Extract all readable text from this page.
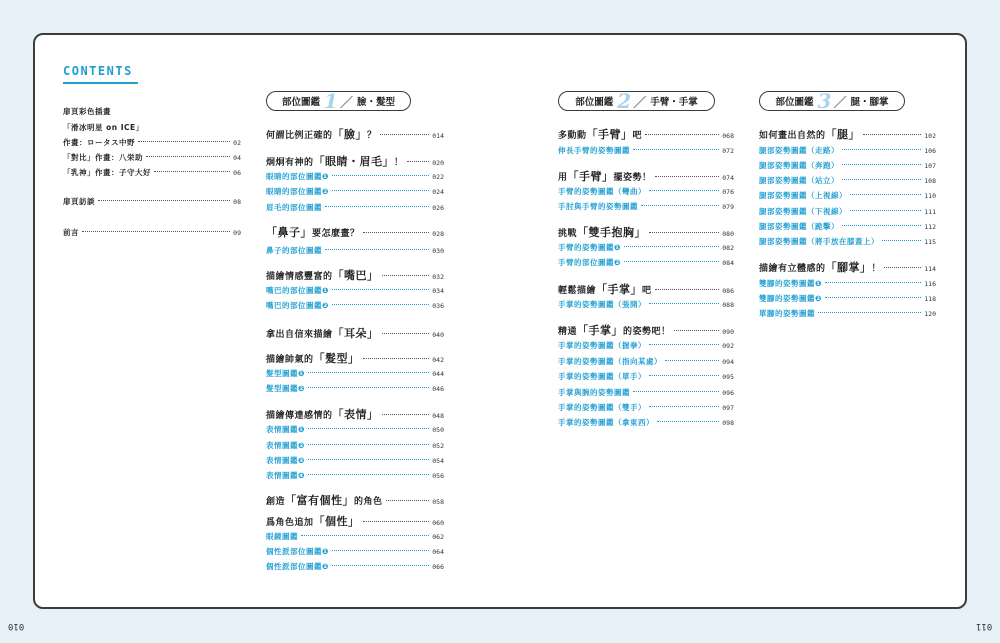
CONTENTS
扉頁彩色插畫
「滑冰明星 on ICE」
作畫：ロータス中野	02
「對比」作畫：八栄助	04
「乳神」作畫：子守大好	06
扉頁訪談	08
前言	09
部位圖鑑 1 ／ 臉・髮型	部位圖鑑 2 ／ 手臂・手掌	部位圖鑑 3 ／ 腿・腳掌
何謂比例正確的「臉」？	014
炯炯有神的「眼睛・眉毛」！	020
眼睛的部位圖鑑❶	022
眼睛的部位圖鑑❷	024
眉毛的部位圖鑑	026
「鼻子」要怎麼畫？	028
鼻子的部位圖鑑	030
描繪情感豐富的「嘴巴」	032
嘴巴的部位圖鑑❶	034
嘴巴的部位圖鑑❷	036
拿出自信來描繪「耳朵」	040
描繪帥氣的「髮型」	042
髮型圖鑑❶	044
髮型圖鑑❷	046
描繪傳達感情的「表情」	048
表情圖鑑❶	050
表情圖鑑❷	052
表情圖鑑❸	054
表情圖鑑❹	056
創造「富有個性」的角色	058
爲角色追加「個性」	060
眼鏡圖鑑	062
個性派部位圖鑑❶	064
個性派部位圖鑑❷	066
多動動「手臂」吧	068
伸長手臂的姿勢圖鑑	072
用「手臂」擺姿勢！	074
手臂的姿勢圖鑑（彎曲）	076
手肘與手臂的姿勢圖鑑	079
挑戰「雙手抱胸」	080
手臂的姿勢圖鑑❶	082
手臂的部位圖鑑❷	084
輕鬆描繪「手掌」吧	086
手掌的姿勢圖鑑（張開）	088
精通「手掌」的姿勢吧！	090
手掌的姿勢圖鑑（握拳）	092
手掌的姿勢圖鑑（指向某處）	094
手掌的姿勢圖鑑（單手）	095
手掌與腕的姿勢圖鑑	096
手掌的姿勢圖鑑（雙手）	097
手掌的姿勢圖鑑（拿東西）	098
如何畫出自然的「腿」	102
腿部姿勢圖鑑（走路）	106
腿部姿勢圖鑑（奔跑）	107
腿部姿勢圖鑑（站立）	108
腿部姿勢圖鑑（上視線）	110
腿部姿勢圖鑑（下視線）	111
腿部姿勢圖鑑（跪擊）	112
腿部姿勢圖鑑（將手放在膝蓋上）	115
描繪有立體感的「腳掌」！	114
雙腳的姿勢圖鑑❶	116
雙腳的姿勢圖鑑❷	118
單腳的姿勢圖鑑	120
010	011
